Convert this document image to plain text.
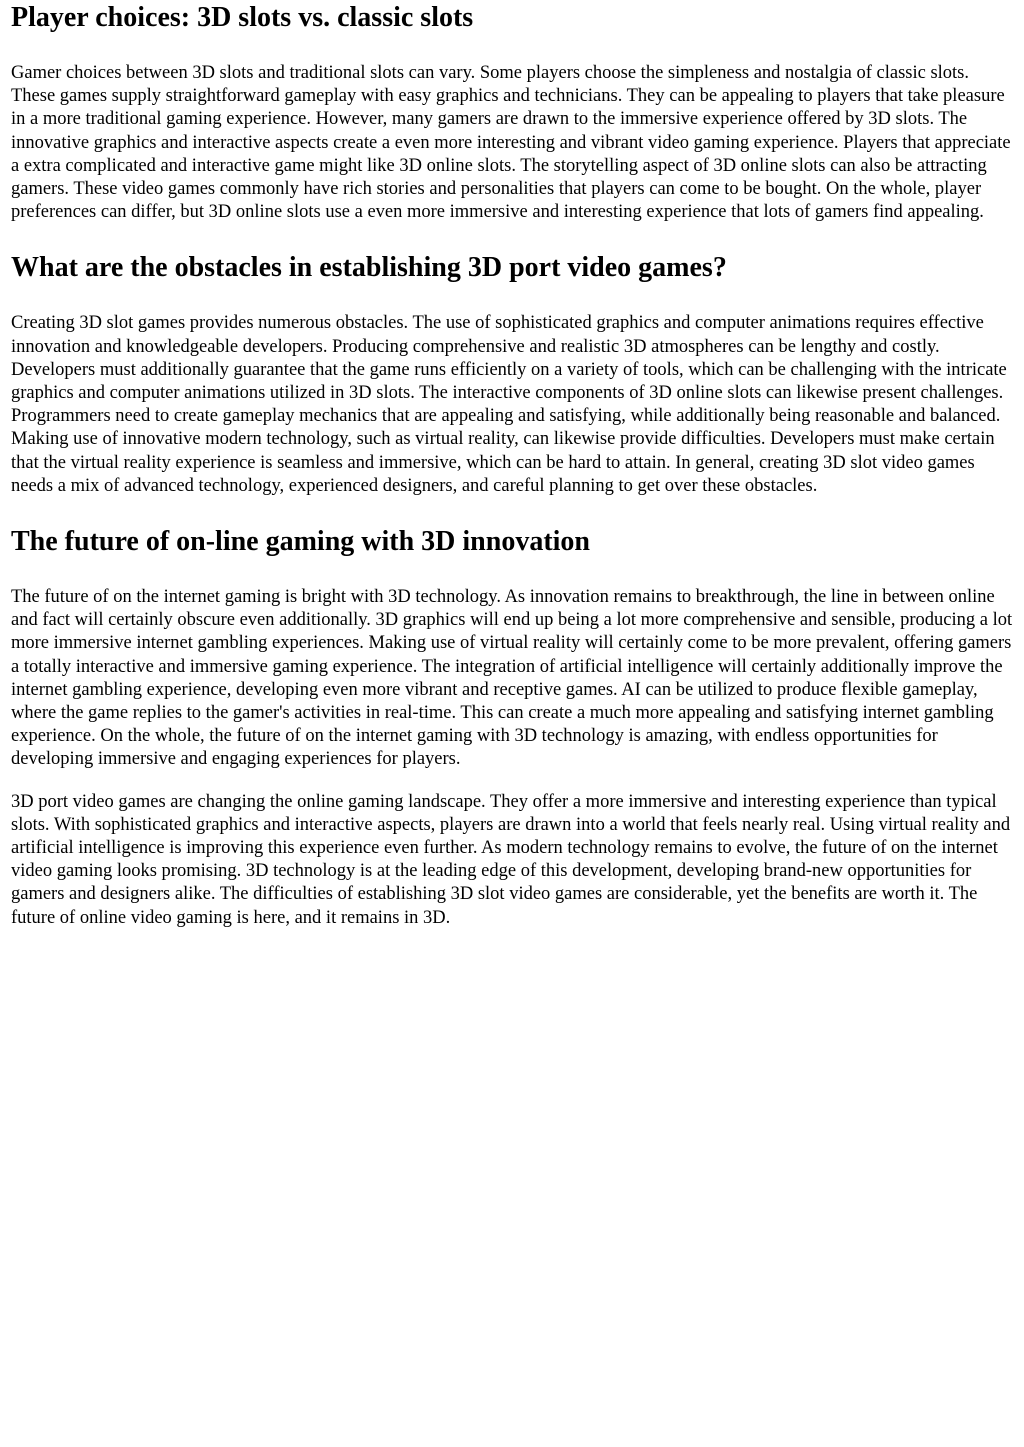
Player choices: 3D slots vs. classic slots

Gamer choices between 3D slots and traditional slots can vary. Some players choose the simpleness and nostalgia of classic slots. These games supply straightforward gameplay with easy graphics and technicians. They can be appealing to players that take pleasure in a more traditional gaming experience. However, many gamers are drawn to the immersive experience offered by 3D slots. The innovative graphics and interactive aspects create a even more interesting and vibrant video gaming experience. Players that appreciate a extra complicated and interactive game might like 3D online slots. The storytelling aspect of 3D online slots can also be attracting gamers. These video games commonly have rich stories and personalities that players can come to be bought. On the whole, player preferences can differ, but 3D online slots use a even more immersive and interesting experience that lots of gamers find appealing.

What are the obstacles in establishing 3D port video games?

Creating 3D slot games provides numerous obstacles. The use of sophisticated graphics and computer animations requires effective innovation and knowledgeable developers. Producing comprehensive and realistic 3D atmospheres can be lengthy and costly. Developers must additionally guarantee that the game runs efficiently on a variety of tools, which can be challenging with the intricate graphics and computer animations utilized in 3D slots. The interactive components of 3D online slots can likewise present challenges. Programmers need to create gameplay mechanics that are appealing and satisfying, while additionally being reasonable and balanced. Making use of innovative modern technology, such as virtual reality, can likewise provide difficulties. Developers must make certain that the virtual reality experience is seamless and immersive, which can be hard to attain. In general, creating 3D slot video games needs a mix of advanced technology, experienced designers, and careful planning to get over these obstacles.

The future of on-line gaming with 3D innovation

The future of on the internet gaming is bright with 3D technology. As innovation remains to breakthrough, the line in between online and fact will certainly obscure even additionally. 3D graphics will end up being a lot more comprehensive and sensible, producing a lot more immersive internet gambling experiences. Making use of virtual reality will certainly come to be more prevalent, offering gamers a totally interactive and immersive gaming experience. The integration of artificial intelligence will certainly additionally improve the internet gambling experience, developing even more vibrant and receptive games. AI can be utilized to produce flexible gameplay, where the game replies to the gamer's activities in real-time. This can create a much more appealing and satisfying internet gambling experience. On the whole, the future of on the internet gaming with 3D technology is amazing, with endless opportunities for developing immersive and engaging experiences for players.

3D port video games are changing the online gaming landscape. They offer a more immersive and interesting experience than typical slots. With sophisticated graphics and interactive aspects, players are drawn into a world that feels nearly real. Using virtual reality and artificial intelligence is improving this experience even further. As modern technology remains to evolve, the future of on the internet video gaming looks promising. 3D technology is at the leading edge of this development, developing brand-new opportunities for gamers and designers alike. The difficulties of establishing 3D slot video games are considerable, yet the benefits are worth it. The future of online video gaming is here, and it remains in 3D.
